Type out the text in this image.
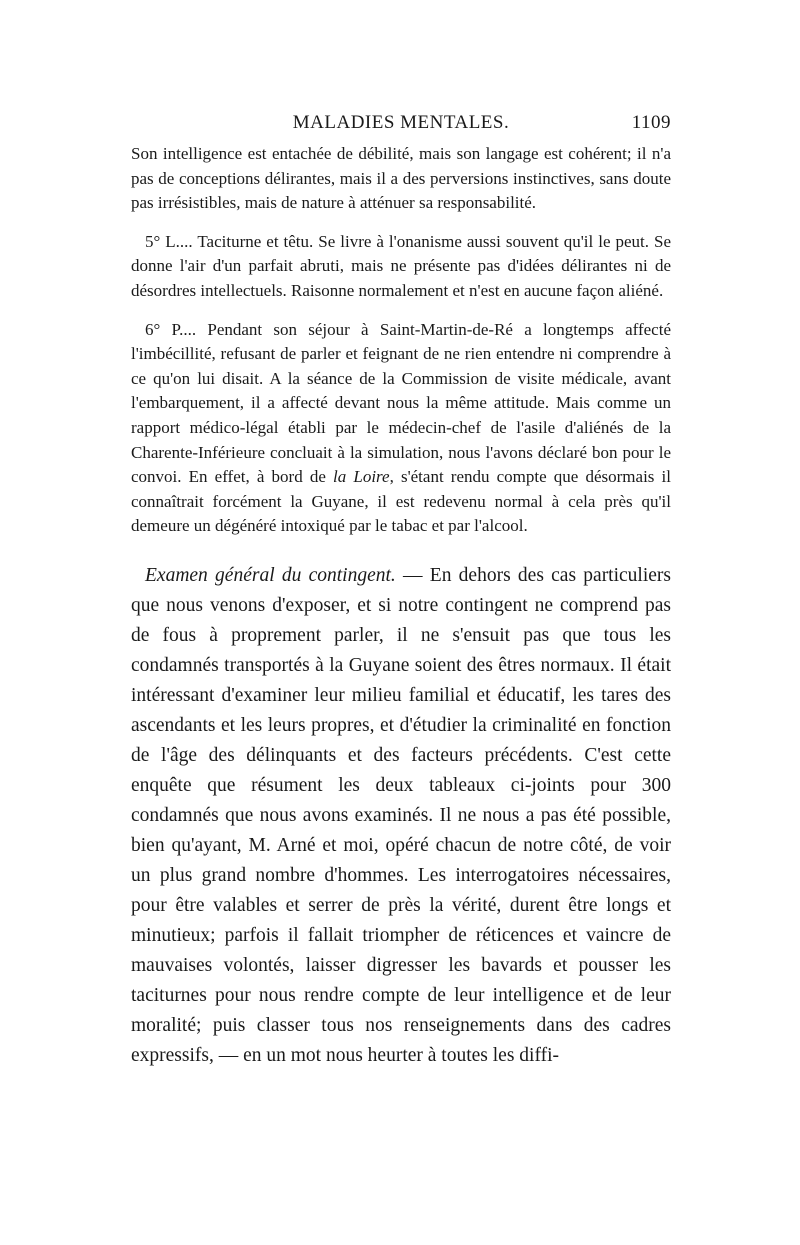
MALADIES MENTALES.	1109

Son intelligence est entachée de débilité, mais son langage est cohérent; il n'a pas de conceptions délirantes, mais il a des perversions instinctives, sans doute pas irrésistibles, mais de nature à atténuer sa responsabilité.

5° L.... Taciturne et têtu. Se livre à l'onanisme aussi souvent qu'il le peut. Se donne l'air d'un parfait abruti, mais ne présente pas d'idées délirantes ni de désordres intellectuels. Raisonne normalement et n'est en aucune façon aliéné.

6° P.... Pendant son séjour à Saint-Martin-de-Ré a longtemps affecté l'imbécillité, refusant de parler et feignant de ne rien entendre ni comprendre à ce qu'on lui disait. A la séance de la Commission de visite médicale, avant l'embarquement, il a affecté devant nous la même attitude. Mais comme un rapport médico-légal établi par le médecin-chef de l'asile d'aliénés de la Charente-Inférieure concluait à la simulation, nous l'avons déclaré bon pour le convoi. En effet, à bord de la Loire, s'étant rendu compte que désormais il connaîtrait forcément la Guyane, il est redevenu normal à cela près qu'il demeure un dégénéré intoxiqué par le tabac et par l'alcool.

Examen général du contingent. — En dehors des cas particuliers que nous venons d'exposer, et si notre contingent ne comprend pas de fous à proprement parler, il ne s'ensuit pas que tous les condamnés transportés à la Guyane soient des êtres normaux. Il était intéressant d'examiner leur milieu familial et éducatif, les tares des ascendants et les leurs propres, et d'étudier la criminalité en fonction de l'âge des délinquants et des facteurs précédents. C'est cette enquête que résument les deux tableaux ci-joints pour 300 condamnés que nous avons examinés. Il ne nous a pas été possible, bien qu'ayant, M. Arné et moi, opéré chacun de notre côté, de voir un plus grand nombre d'hommes. Les interrogatoires nécessaires, pour être valables et serrer de près la vérité, durent être longs et minutieux; parfois il fallait triompher de réticences et vaincre de mauvaises volontés, laisser digresser les bavards et pousser les taciturnes pour nous rendre compte de leur intelligence et de leur moralité; puis classer tous nos renseignements dans des cadres expressifs, — en un mot nous heurter à toutes les diffi-
